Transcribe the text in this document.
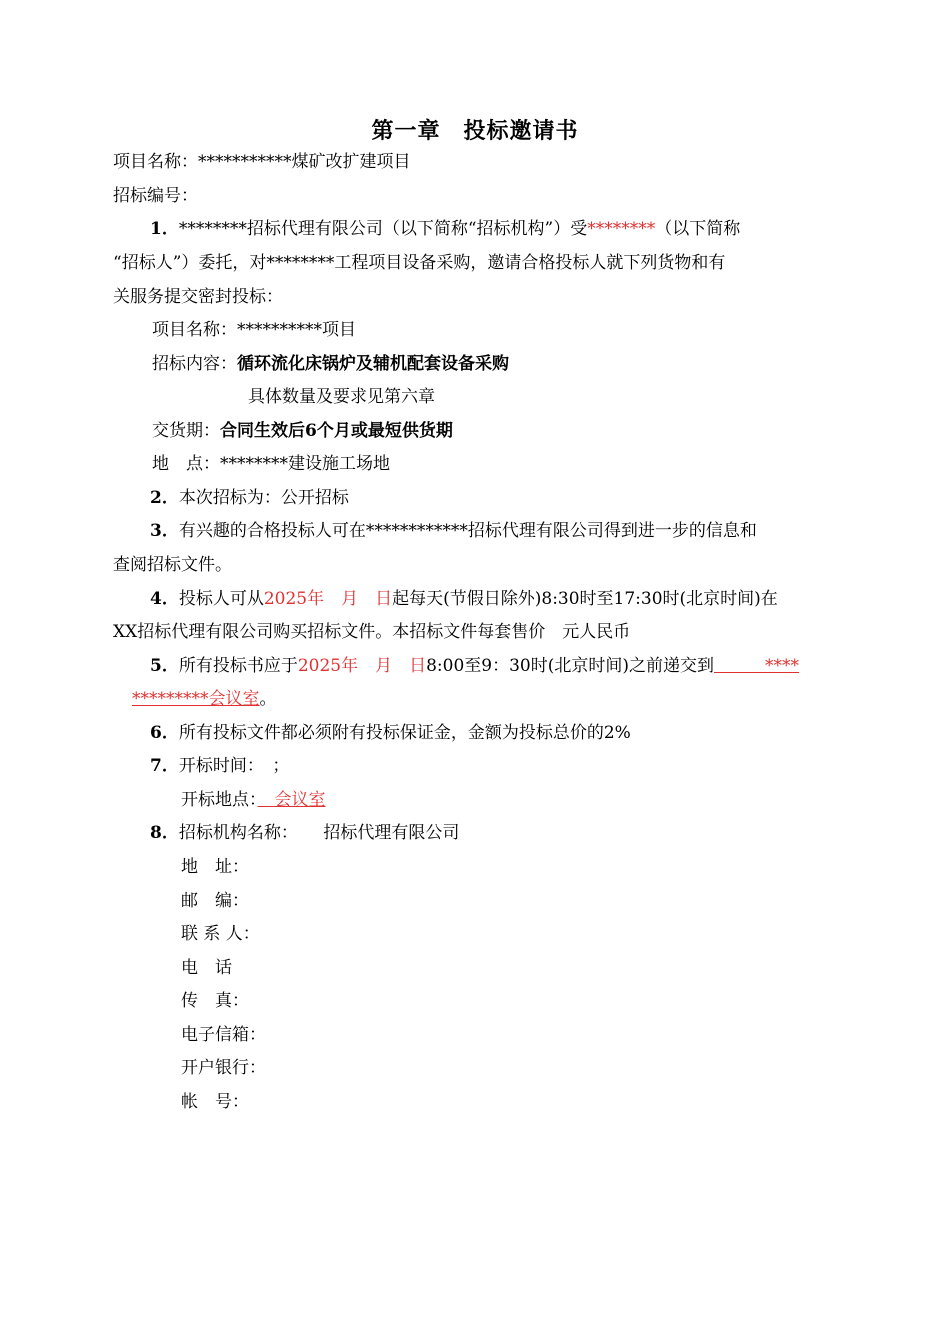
第一章　投标邀请书
项目名称：***********煤矿改扩建项目
招标编号：
1．********招标代理有限公司（以下简称“招标机构”）受********（以下简称
“招标人”）委托，对********工程项目设备采购，邀请合格投标人就下列货物和有
关服务提交密封投标：
项目名称：**********项目
招标内容：循环流化床锅炉及辅机配套设备采购
具体数量及要求见第六章
交货期：合同生效后6个月或最短供货期
地　点：********建设施工场地
2．本次招标为：公开招标
3．有兴趣的合格投标人可在************招标代理有限公司得到进一步的信息和
查阅招标文件。
4．投标人可从2025年　月　日起每天(节假日除外)8:30时至17:30时(北京时间)在
XX招标代理有限公司购买招标文件。本招标文件每套售价　元人民币
5．所有投标书应于2025年　月　日8:00至9：30时(北京时间)之前递交到　　　****
*********会议室。
6．所有投标文件都必须附有投标保证金，金额为投标总价的2%
7．开标时间：　；
开标地点：　会议室
8．招标机构名称：　　招标代理有限公司
地　址：
邮　编：
联 系 人：
电　话
传　真：
电子信箱：
开户银行：
帐　号：
